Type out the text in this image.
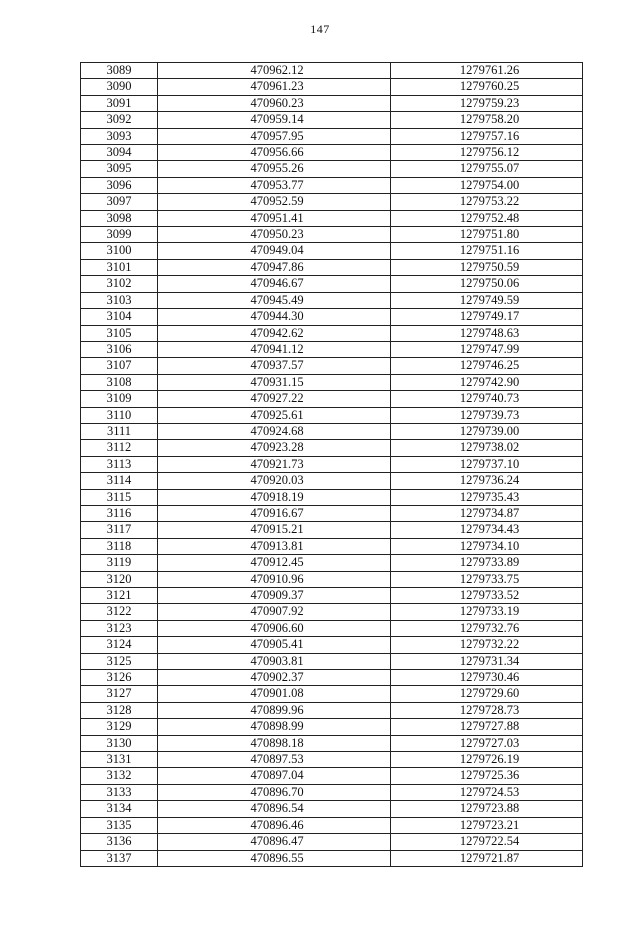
147
3089	470962.12	1279761.26
3090	470961.23	1279760.25
3091	470960.23	1279759.23
3092	470959.14	1279758.20
3093	470957.95	1279757.16
3094	470956.66	1279756.12
3095	470955.26	1279755.07
3096	470953.77	1279754.00
3097	470952.59	1279753.22
3098	470951.41	1279752.48
3099	470950.23	1279751.80
3100	470949.04	1279751.16
3101	470947.86	1279750.59
3102	470946.67	1279750.06
3103	470945.49	1279749.59
3104	470944.30	1279749.17
3105	470942.62	1279748.63
3106	470941.12	1279747.99
3107	470937.57	1279746.25
3108	470931.15	1279742.90
3109	470927.22	1279740.73
3110	470925.61	1279739.73
3111	470924.68	1279739.00
3112	470923.28	1279738.02
3113	470921.73	1279737.10
3114	470920.03	1279736.24
3115	470918.19	1279735.43
3116	470916.67	1279734.87
3117	470915.21	1279734.43
3118	470913.81	1279734.10
3119	470912.45	1279733.89
3120	470910.96	1279733.75
3121	470909.37	1279733.52
3122	470907.92	1279733.19
3123	470906.60	1279732.76
3124	470905.41	1279732.22
3125	470903.81	1279731.34
3126	470902.37	1279730.46
3127	470901.08	1279729.60
3128	470899.96	1279728.73
3129	470898.99	1279727.88
3130	470898.18	1279727.03
3131	470897.53	1279726.19
3132	470897.04	1279725.36
3133	470896.70	1279724.53
3134	470896.54	1279723.88
3135	470896.46	1279723.21
3136	470896.47	1279722.54
3137	470896.55	1279721.87
